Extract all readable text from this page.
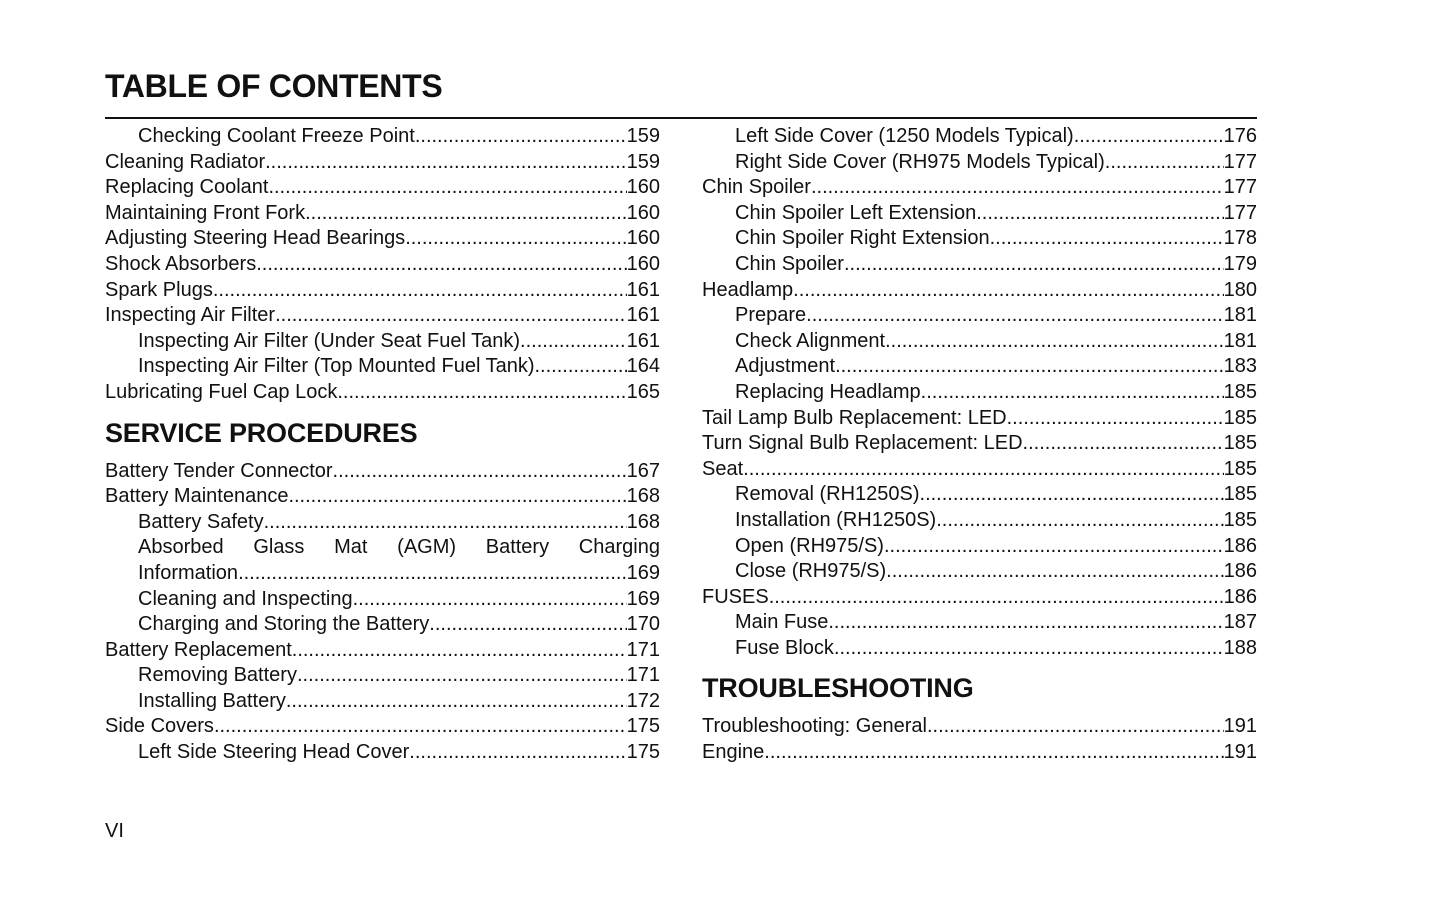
TABLE OF CONTENTS
Checking Coolant Freeze Point .....	159
Cleaning Radiator .....	159
Replacing Coolant .....	160
Maintaining Front Fork .....	160
Adjusting Steering Head Bearings .....	160
Shock Absorbers .....	160
Spark Plugs .....	161
Inspecting Air Filter .....	161
Inspecting Air Filter (Under Seat Fuel Tank) .....	161
Inspecting Air Filter (Top Mounted Fuel Tank) .....	164
Lubricating Fuel Cap Lock .....	165
SERVICE PROCEDURES
Battery Tender Connector .....	167
Battery Maintenance .....	168
Battery Safety .....	168
Absorbed Glass Mat (AGM) Battery Charging
Information .....	169
Cleaning and Inspecting .....	169
Charging and Storing the Battery .....	170
Battery Replacement .....	171
Removing Battery .....	171
Installing Battery .....	172
Side Covers .....	175
Left Side Steering Head Cover .....	175
Left Side Cover (1250 Models Typical) .....	176
Right Side Cover (RH975 Models Typical) .....	177
Chin Spoiler .....	177
Chin Spoiler Left Extension .....	177
Chin Spoiler Right Extension .....	178
Chin Spoiler .....	179
Headlamp .....	180
Prepare .....	181
Check Alignment .....	181
Adjustment .....	183
Replacing Headlamp .....	185
Tail Lamp Bulb Replacement: LED .....	185
Turn Signal Bulb Replacement: LED .....	185
Seat .....	185
Removal (RH1250S) .....	185
Installation (RH1250S) .....	185
Open (RH975/S) .....	186
Close (RH975/S) .....	186
FUSES .....	186
Main Fuse .....	187
Fuse Block .....	188
TROUBLESHOOTING
Troubleshooting: General .....	191
Engine .....	191
VI
